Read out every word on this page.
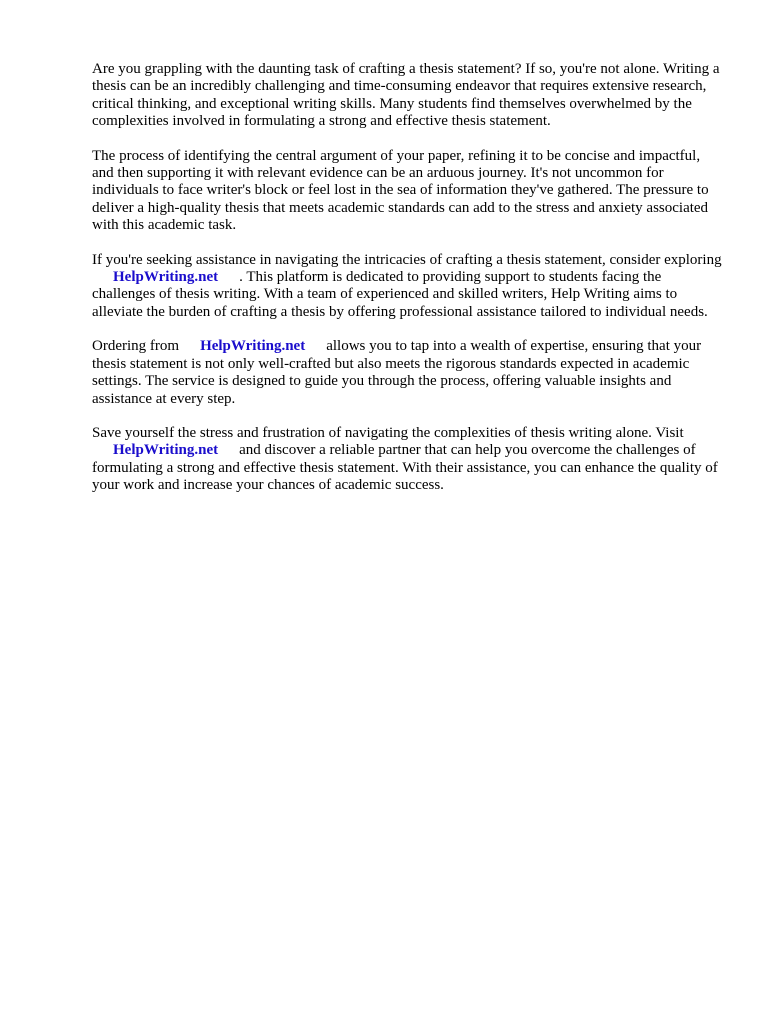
Are you grappling with the daunting task of crafting a thesis statement? If so, you're not alone. Writing a thesis can be an incredibly challenging and time-consuming endeavor that requires extensive research, critical thinking, and exceptional writing skills. Many students find themselves overwhelmed by the complexities involved in formulating a strong and effective thesis statement.

The process of identifying the central argument of your paper, refining it to be concise and impactful, and then supporting it with relevant evidence can be an arduous journey. It's not uncommon for individuals to face writer's block or feel lost in the sea of information they've gathered. The pressure to deliver a high-quality thesis that meets academic standards can add to the stress and anxiety associated with this academic task.

If you're seeking assistance in navigating the intricacies of crafting a thesis statement, consider exploringHelpWriting.net . This platform is dedicated to providing support to students facing the challenges of thesis writing. With a team of experienced and skilled writers, Help Writing aims to alleviate the burden of crafting a thesis by offering professional assistance tailored to individual needs.

Ordering from HelpWriting.net allows you to tap into a wealth of expertise, ensuring that your thesis statement is not only well-crafted but also meets the rigorous standards expected in academic settings. The service is designed to guide you through the process, offering valuable insights and assistance at every step.

Save yourself the stress and frustration of navigating the complexities of thesis writing alone. Visit
HelpWriting.net and discover a reliable partner that can help you overcome the challenges of formulating a strong and effective thesis statement. With their assistance, you can enhance the quality of your work and increase your chances of academic success.
